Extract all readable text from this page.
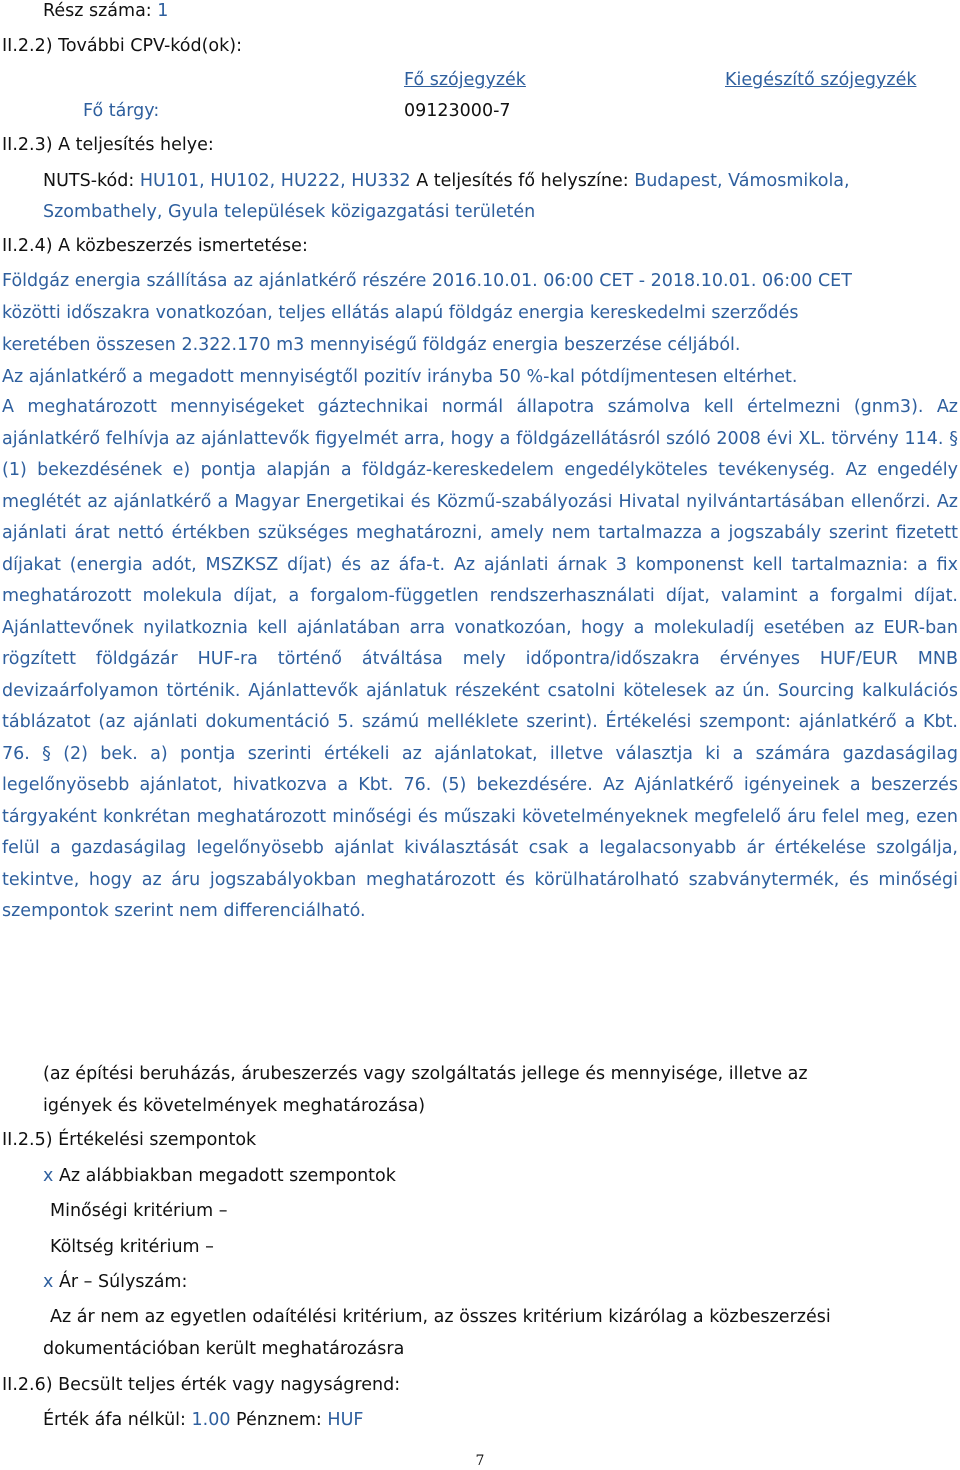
Rész száma: 1
II.2.2) További CPV-kód(ok):
Fő szójegyzék	Kiegészítő szójegyzék
Fő tárgy:	09123000-7
II.2.3) A teljesítés helye:
NUTS-kód: HU101, HU102, HU222, HU332 A teljesítés fő helyszíne: Budapest, Vámosmikola,
Szombathely, Gyula települések közigazgatási területén
II.2.4) A közbeszerzés ismertetése:
Földgáz energia szállítása az ajánlatkérő részére 2016.10.01. 06:00 CET - 2018.10.01. 06:00 CET
közötti időszakra vonatkozóan, teljes ellátás alapú földgáz energia kereskedelmi szerződés
keretében összesen 2.322.170 m3 mennyiségű földgáz energia beszerzése céljából.
Az ajánlatkérő a megadott mennyiségtől pozitív irányba 50 %-kal pótdíjmentesen eltérhet.
A meghatározott mennyiségeket gáztechnikai normál állapotra számolva kell értelmezni (gnm3). Az ajánlatkérő felhívja az ajánlattevők figyelmét arra, hogy a földgázellátásról szóló 2008 évi XL. törvény 114. § (1) bekezdésének e) pontja alapján a földgáz-kereskedelem engedélyköteles tevékenység. Az engedély meglétét az ajánlatkérő a Magyar Energetikai és Közmű-szabályozási Hivatal nyilvántartásában ellenőrzi. Az ajánlati árat nettó értékben szükséges meghatározni, amely nem tartalmazza a jogszabály szerint fizetett díjakat (energia adót, MSZKSZ díjat) és az áfa-t. Az ajánlati árnak 3 komponenst kell tartalmaznia: a fix meghatározott molekula díjat, a forgalom-független rendszerhasználati díjat, valamint a forgalmi díjat. Ajánlattevőnek nyilatkoznia kell ajánlatában arra vonatkozóan, hogy a molekuladíj esetében az EUR-ban rögzített földgázár HUF-ra történő átváltása mely időpontra/időszakra érvényes HUF/EUR MNB devizaárfolyamon történik. Ajánlattevők ajánlatuk részeként csatolni kötelesek az ún. Sourcing kalkulációs táblázatot (az ajánlati dokumentáció 5. számú melléklete szerint). Értékelési szempont: ajánlatkérő a Kbt. 76. § (2) bek. a) pontja szerinti értékeli az ajánlatokat, illetve választja ki a számára gazdaságilag legelőnyösebb ajánlatot, hivatkozva a Kbt. 76. (5) bekezdésére. Az Ajánlatkérő igényeinek a beszerzés tárgyaként konkrétan meghatározott minőségi és műszaki követelményeknek megfelelő áru felel meg, ezen felül a gazdaságilag legelőnyösebb ajánlat kiválasztását csak a legalacsonyabb ár értékelése szolgálja, tekintve, hogy az áru jogszabályokban meghatározott és körülhatárolható szabványtermék, és minőségi szempontok szerint nem differenciálható.
(az építési beruházás, árubeszerzés vagy szolgáltatás jellege és mennyisége, illetve az
igények és követelmények meghatározása)
II.2.5) Értékelési szempontok
x Az alábbiakban megadott szempontok
Minőségi kritérium –
Költség kritérium –
x Ár – Súlyszám:
Az ár nem az egyetlen odaítélési kritérium, az összes kritérium kizárólag a közbeszerzési
dokumentációban került meghatározásra
II.2.6) Becsült teljes érték vagy nagyságrend:
Érték áfa nélkül: 1.00 Pénznem: HUF
7
